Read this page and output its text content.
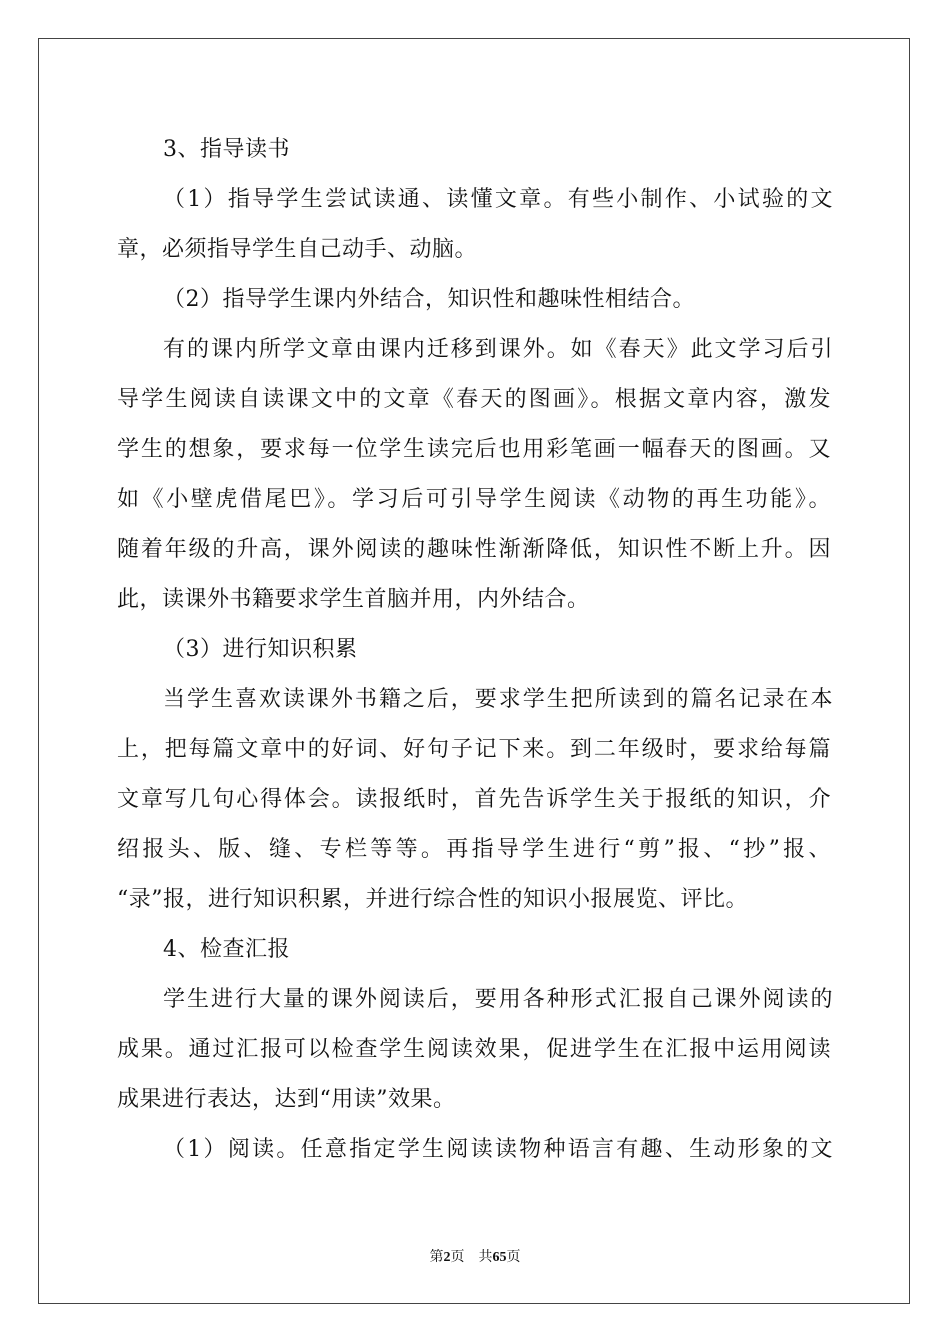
3、指导读书
（1）指导学生尝试读通、读懂文章。有些小制作、小试验的文
章，必须指导学生自己动手、动脑。
（2）指导学生课内外结合，知识性和趣味性相结合。
有的课内所学文章由课内迁移到课外。如《春天》此文学习后引
导学生阅读自读课文中的文章《春天的图画》。根据文章内容，激发
学生的想象，要求每一位学生读完后也用彩笔画一幅春天的图画。又
如《小壁虎借尾巴》。学习后可引导学生阅读《动物的再生功能》。
随着年级的升高，课外阅读的趣味性渐渐降低，知识性不断上升。因
此，读课外书籍要求学生首脑并用，内外结合。
（3）进行知识积累
当学生喜欢读课外书籍之后，要求学生把所读到的篇名记录在本
上，把每篇文章中的好词、好句子记下来。到二年级时，要求给每篇
文章写几句心得体会。读报纸时，首先告诉学生关于报纸的知识，介
绍报头、版、缝、专栏等等。再指导学生进行“剪”报、“抄”报、
“录”报，进行知识积累，并进行综合性的知识小报展览、评比。
4、检查汇报
学生进行大量的课外阅读后，要用各种形式汇报自己课外阅读的
成果。通过汇报可以检查学生阅读效果，促进学生在汇报中运用阅读
成果进行表达，达到“用读”效果。
（1）阅读。任意指定学生阅读读物种语言有趣、生动形象的文
第2页　共65页
